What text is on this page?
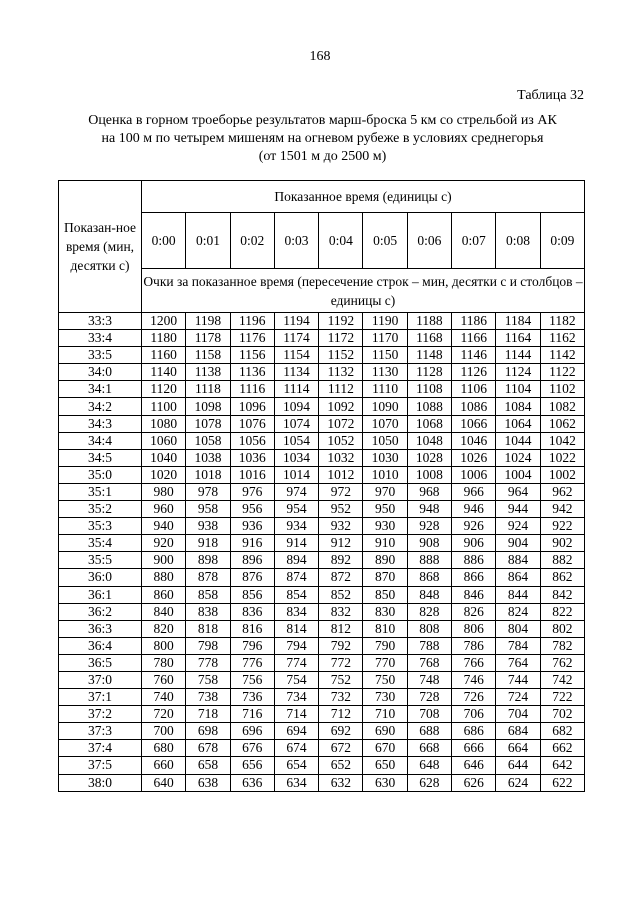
168
Таблица 32
Оценка в горном троеборье результатов марш-броска 5 км со стрельбой из АК
на 100 м по четырем мишеням на огневом рубеже в условиях среднегорья
(от 1501 м до 2500 м)
Показан-ное время (мин, десятки с)	Показанное время (единицы с)									
	0:00	0:01	0:02	0:03	0:04	0:05	0:06	0:07	0:08	0:09
	Очки за показанное время (пересечение строк – мин, десятки с и столбцов – единицы с)									
33:3	1200	1198	1196	1194	1192	1190	1188	1186	1184	1182
33:4	1180	1178	1176	1174	1172	1170	1168	1166	1164	1162
33:5	1160	1158	1156	1154	1152	1150	1148	1146	1144	1142
34:0	1140	1138	1136	1134	1132	1130	1128	1126	1124	1122
34:1	1120	1118	1116	1114	1112	1110	1108	1106	1104	1102
34:2	1100	1098	1096	1094	1092	1090	1088	1086	1084	1082
34:3	1080	1078	1076	1074	1072	1070	1068	1066	1064	1062
34:4	1060	1058	1056	1054	1052	1050	1048	1046	1044	1042
34:5	1040	1038	1036	1034	1032	1030	1028	1026	1024	1022
35:0	1020	1018	1016	1014	1012	1010	1008	1006	1004	1002
35:1	980	978	976	974	972	970	968	966	964	962
35:2	960	958	956	954	952	950	948	946	944	942
35:3	940	938	936	934	932	930	928	926	924	922
35:4	920	918	916	914	912	910	908	906	904	902
35:5	900	898	896	894	892	890	888	886	884	882
36:0	880	878	876	874	872	870	868	866	864	862
36:1	860	858	856	854	852	850	848	846	844	842
36:2	840	838	836	834	832	830	828	826	824	822
36:3	820	818	816	814	812	810	808	806	804	802
36:4	800	798	796	794	792	790	788	786	784	782
36:5	780	778	776	774	772	770	768	766	764	762
37:0	760	758	756	754	752	750	748	746	744	742
37:1	740	738	736	734	732	730	728	726	724	722
37:2	720	718	716	714	712	710	708	706	704	702
37:3	700	698	696	694	692	690	688	686	684	682
37:4	680	678	676	674	672	670	668	666	664	662
37:5	660	658	656	654	652	650	648	646	644	642
38:0	640	638	636	634	632	630	628	626	624	622
